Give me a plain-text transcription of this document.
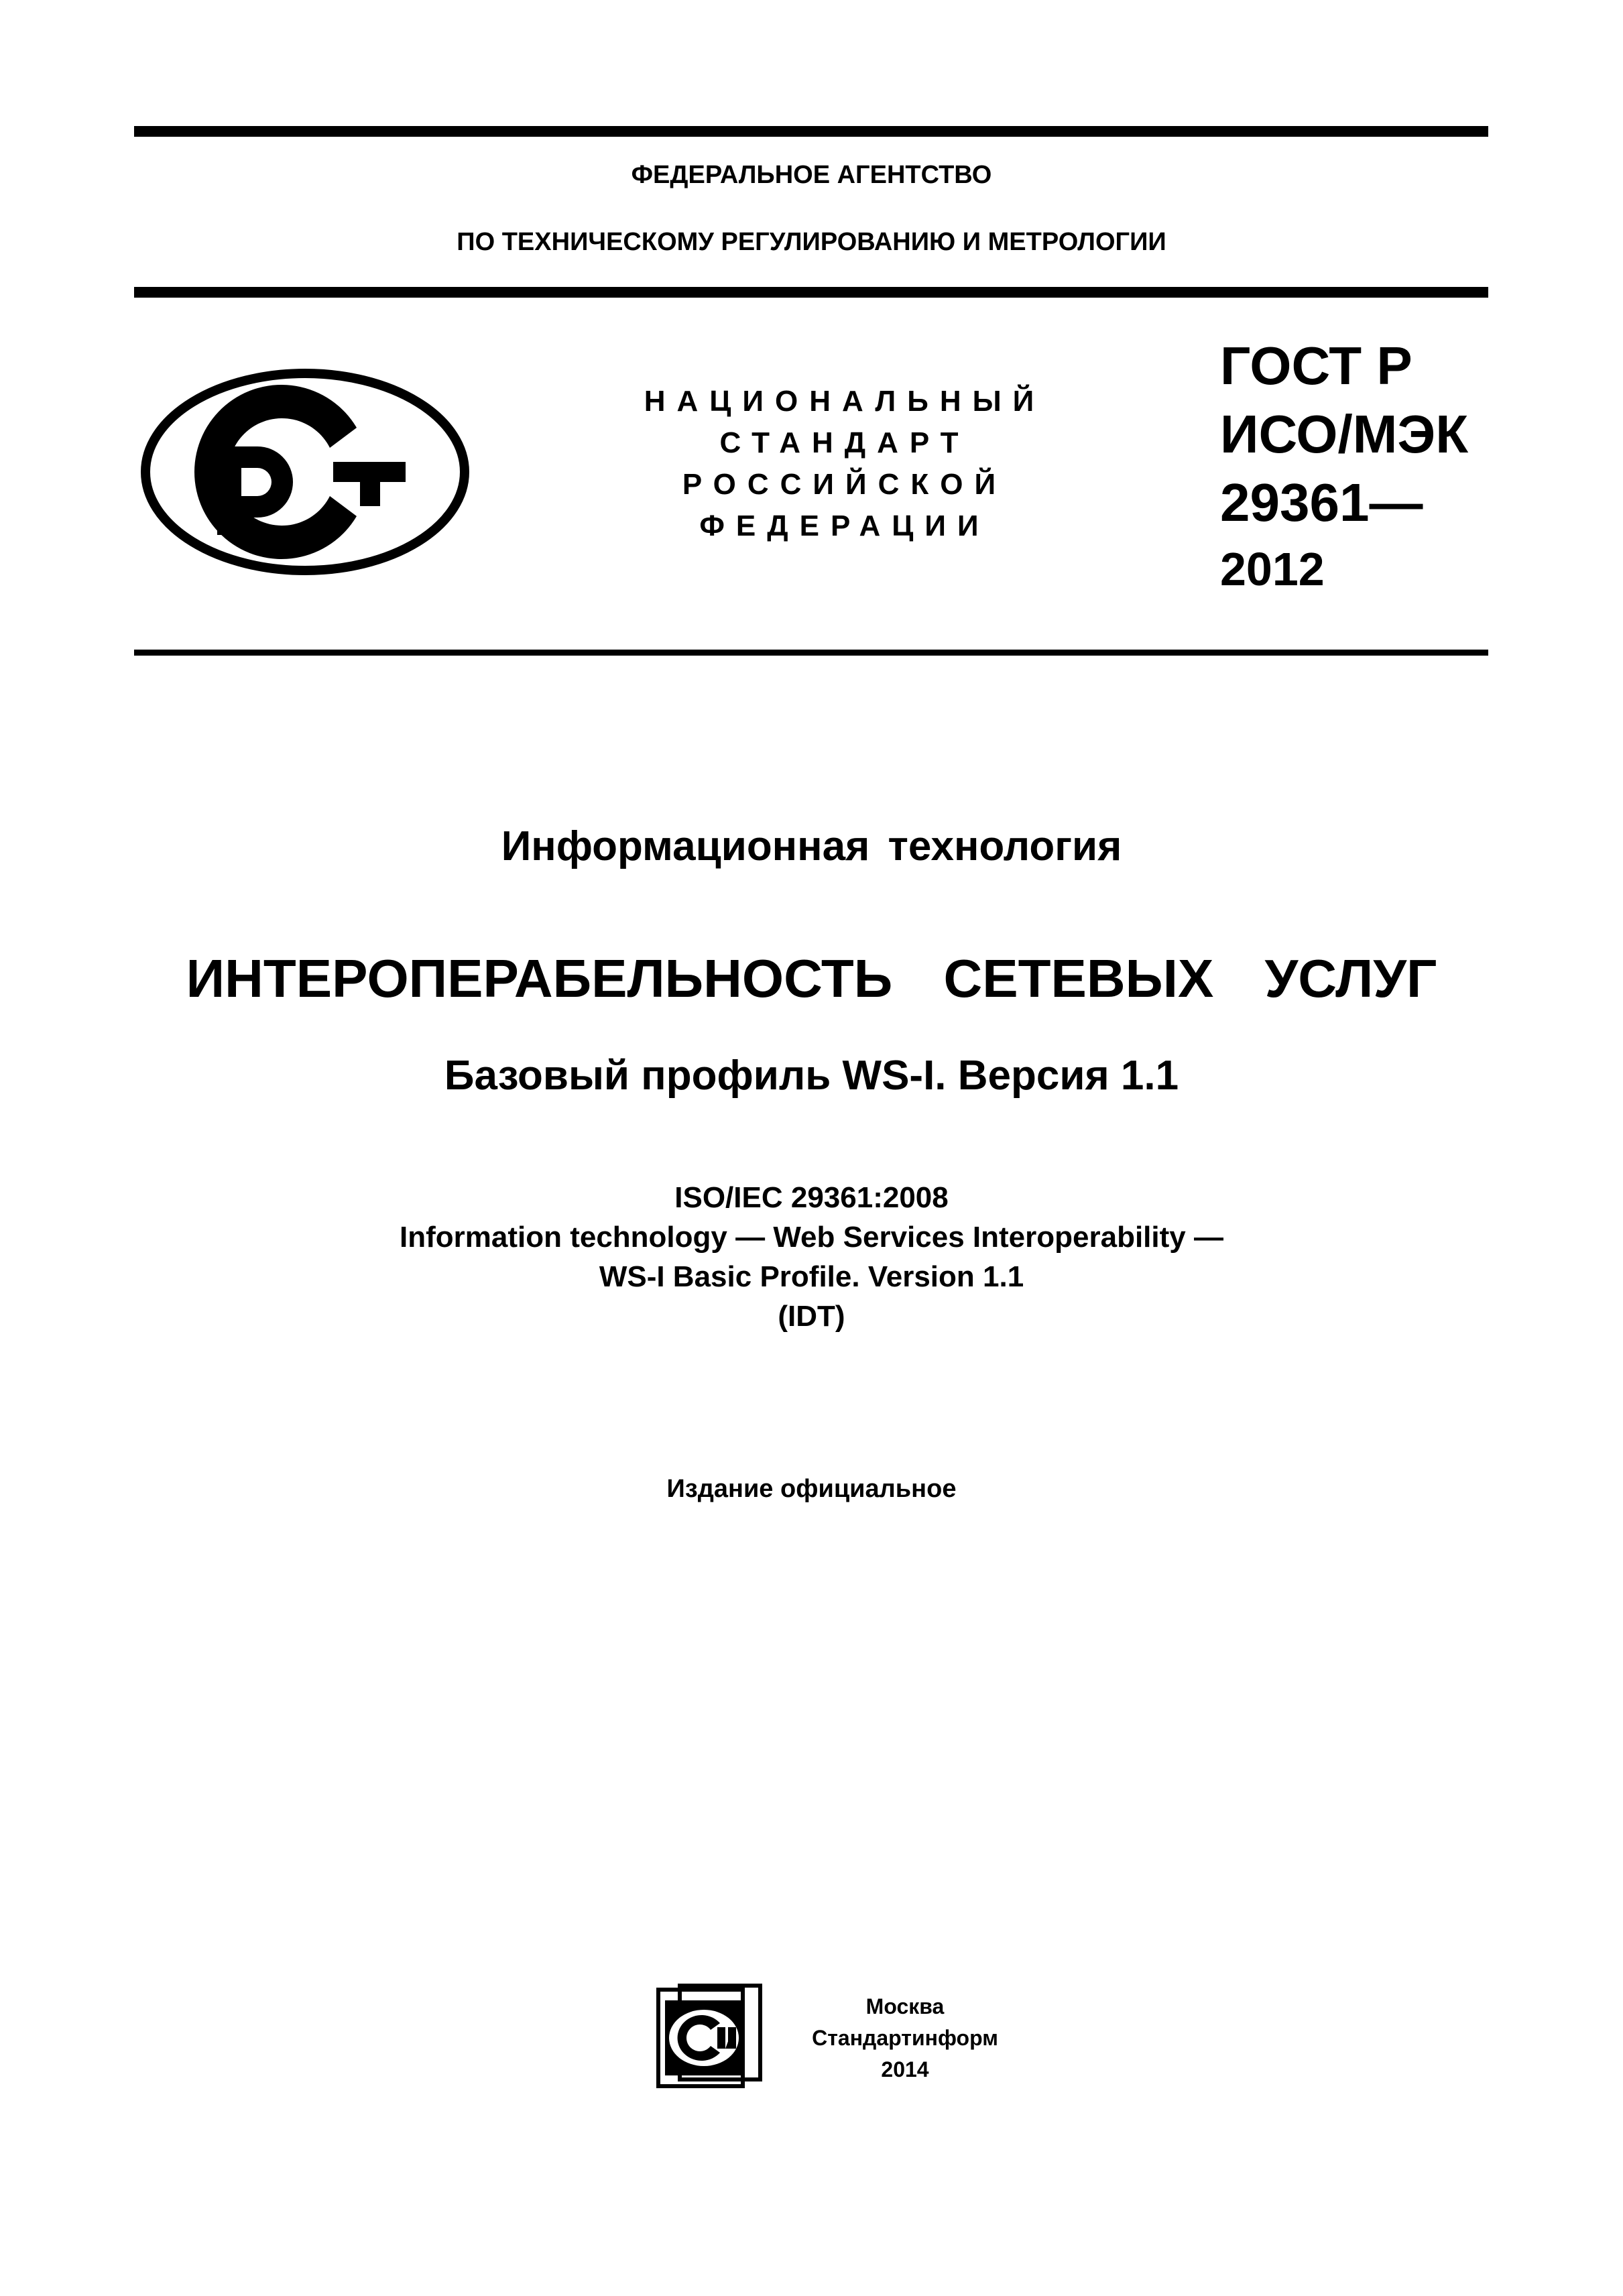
ФЕДЕРАЛЬНОЕ АГЕНТСТВО
ПО ТЕХНИЧЕСКОМУ РЕГУЛИРОВАНИЮ И МЕТРОЛОГИИ
НАЦИОНАЛЬНЫЙ
СТАНДАРТ
РОССИЙСКОЙ
ФЕДЕРАЦИИ
ГОСТ Р
ИСО/МЭК
29361—
2012
Информационная технология
ИНТЕРОПЕРАБЕЛЬНОСТЬ СЕТЕВЫХ УСЛУГ
Базовый профиль WS-I. Версия 1.1
ISO/IEC 29361:2008
Information technology — Web Services Interoperability —
WS-I Basic Profile. Version 1.1
(IDT)
Издание официальное
Москва
Стандартинформ
2014
